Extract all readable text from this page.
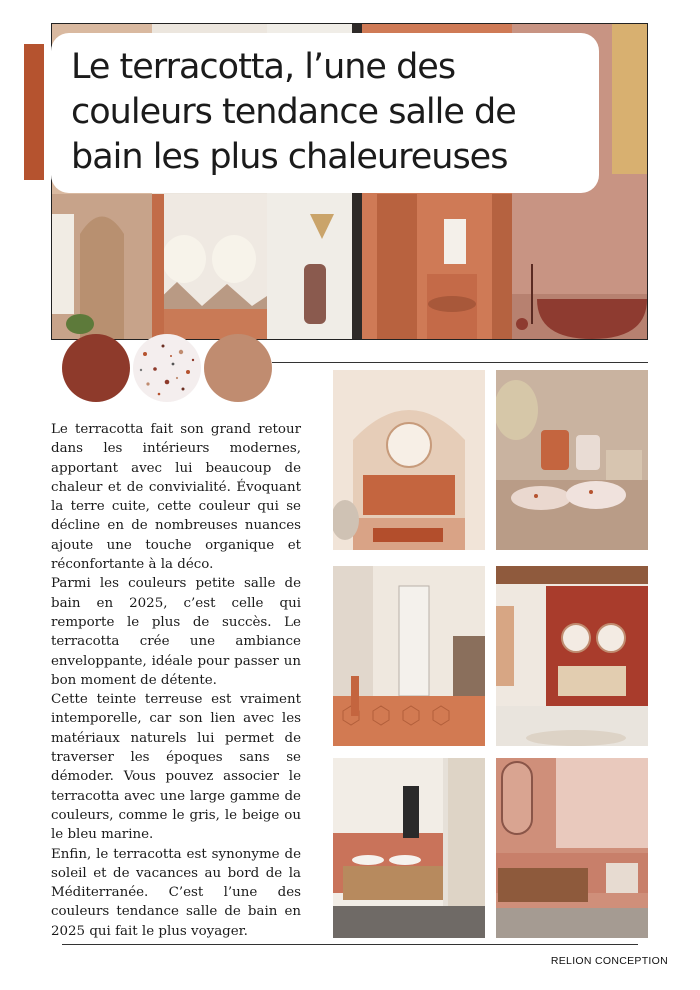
Le terracotta, l’une des couleurs tendance salle de bain les plus chaleureuses

Le terracotta fait son grand retour dans les intérieurs modernes, apportant avec lui beaucoup de chaleur et de convivialité. Évoquant la terre cuite, cette couleur qui se décline en de nombreuses nuances ajoute une touche organique et réconfortante à la déco.

Parmi les couleurs petite salle de bain en 2025, c’est celle qui remporte le plus de succès. Le terracotta crée une ambiance enveloppante, idéale pour passer un bon moment de détente.

Cette teinte terreuse est vraiment intemporelle, car son lien avec les matériaux naturels lui permet de traverser les époques sans se démoder. Vous pouvez associer le terracotta avec une large gamme de couleurs, comme le gris, le beige ou le bleu marine.

Enfin, le terracotta est synonyme de soleil et de vacances au bord de la Méditerranée. C’est l’une des couleurs tendance salle de bain en 2025 qui fait le plus voyager.

RELION CONCEPTION
